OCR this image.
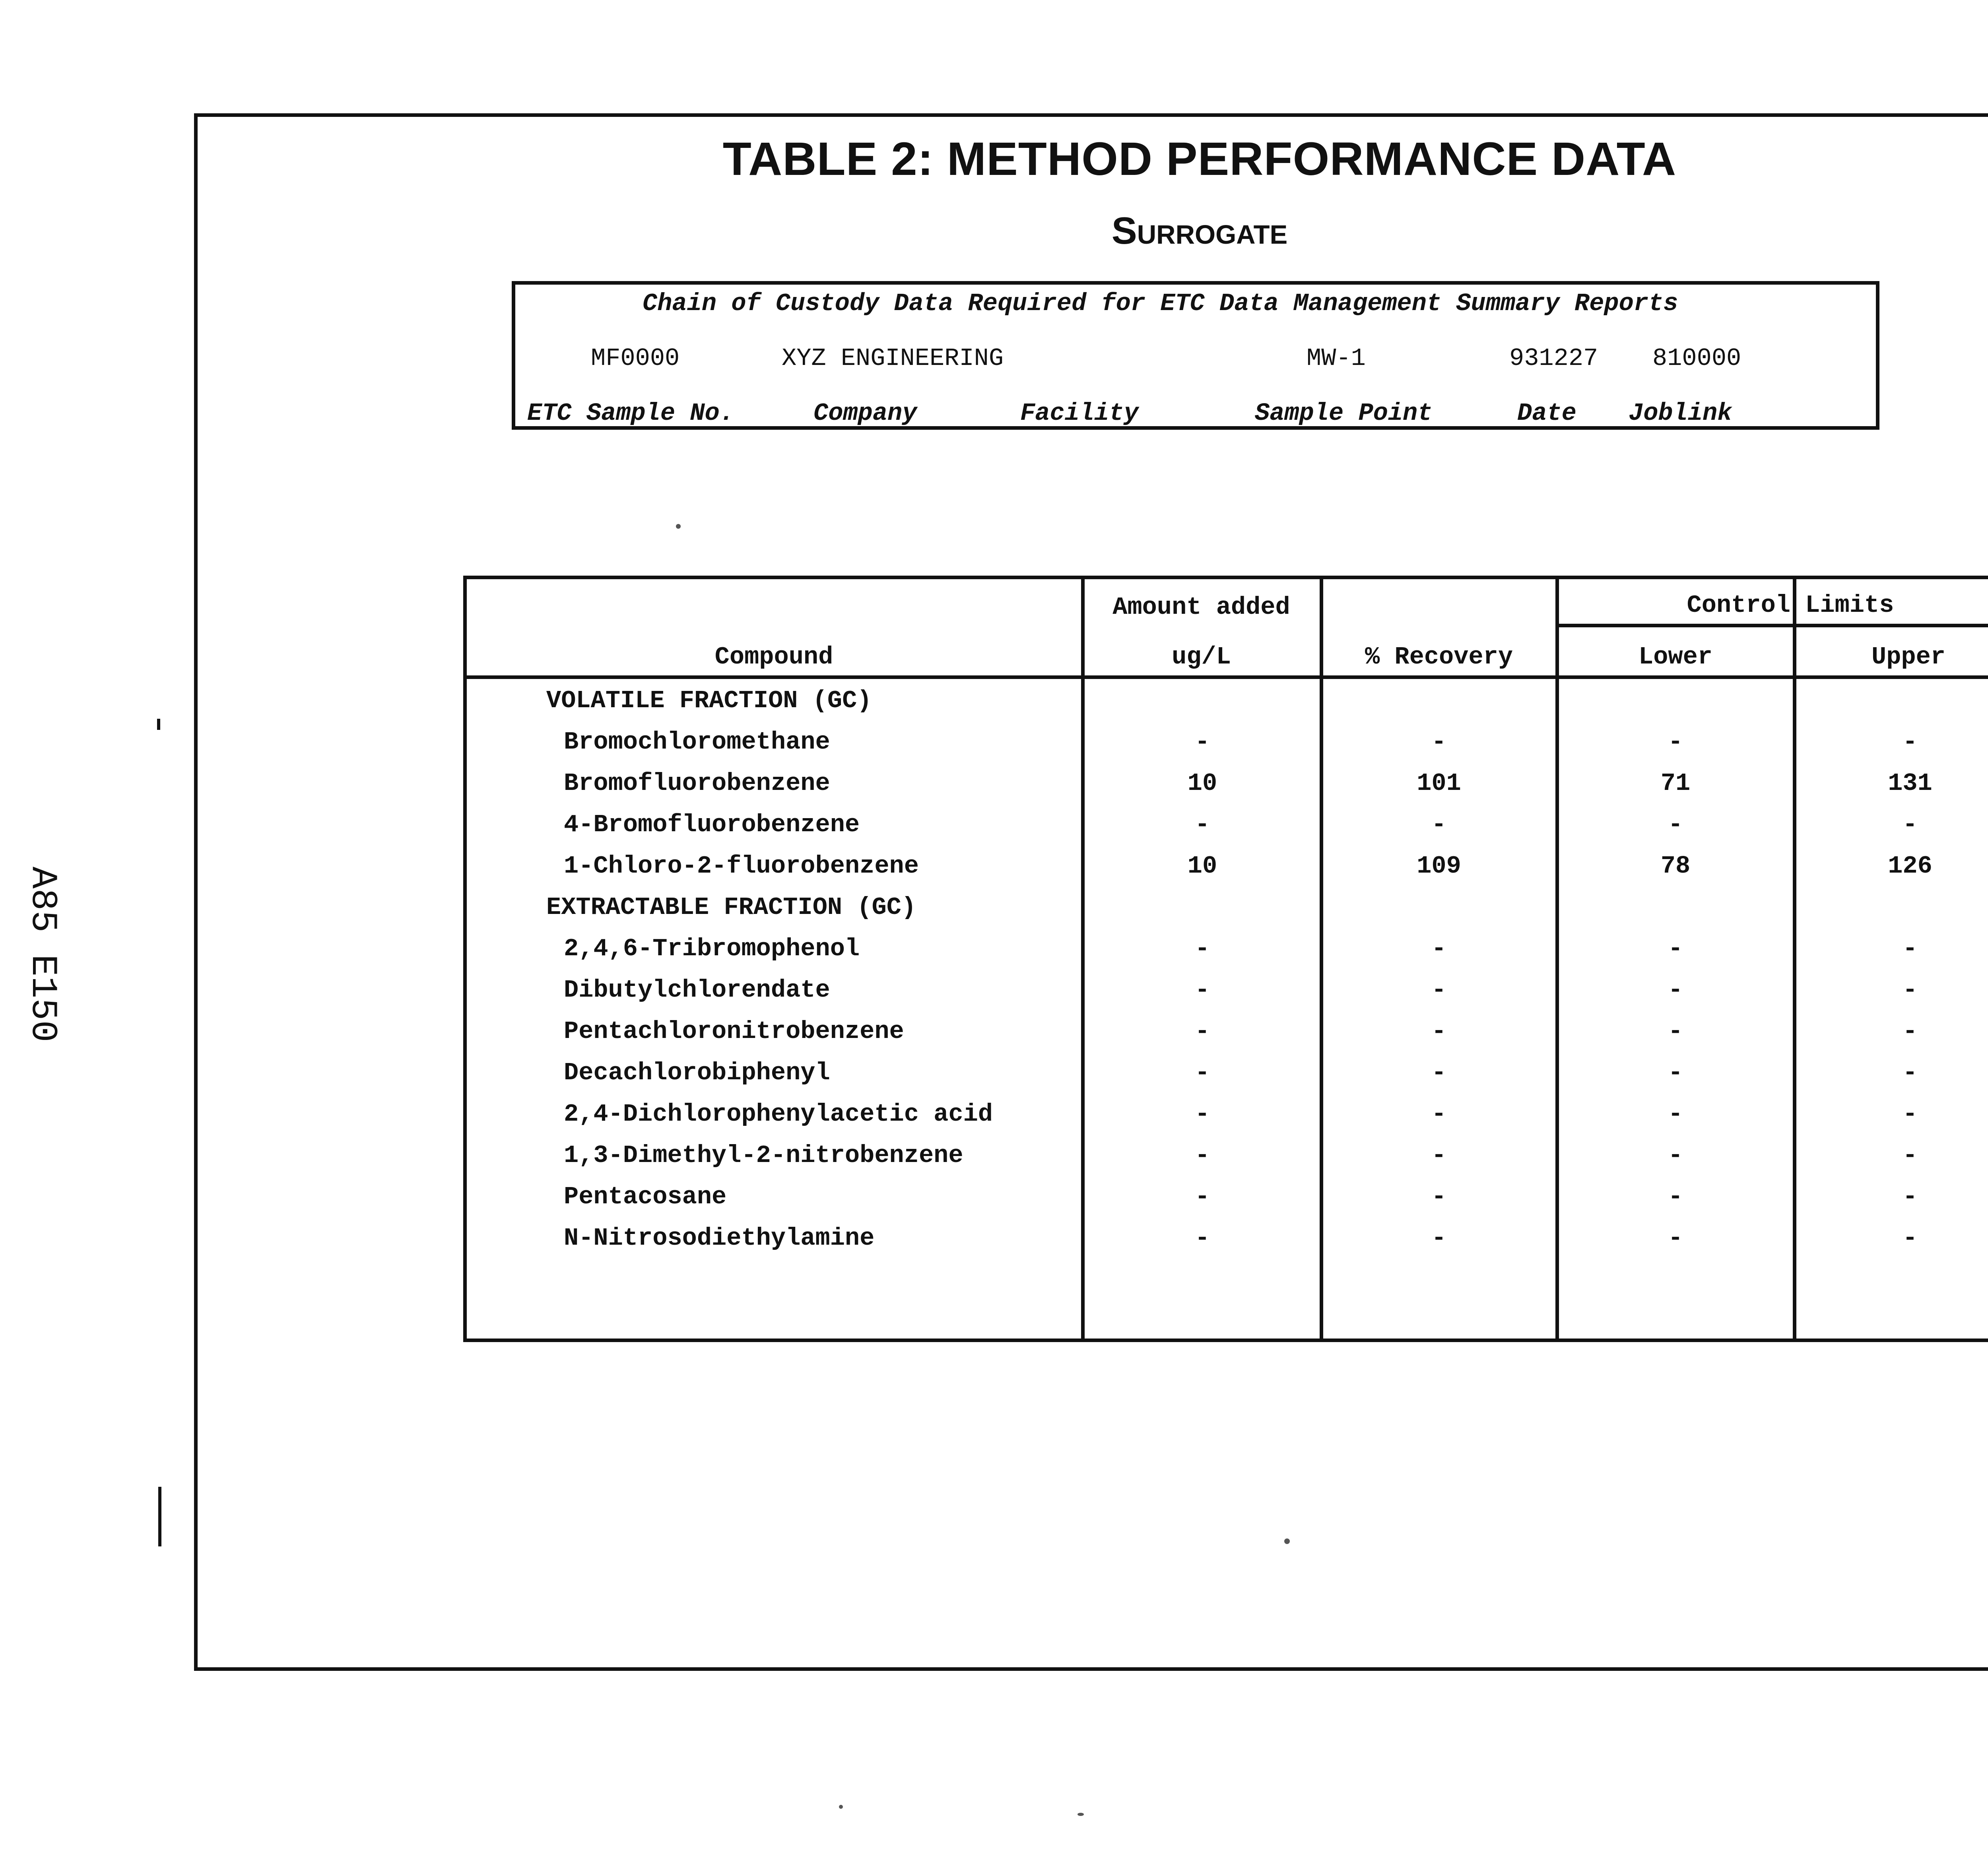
TABLE 2: METHOD PERFORMANCE DATA
Surrogate
Chain of Custody Data Required for ETC Data Management Summary Reports
MF0000	XYZ ENGINEERING	MW-1	931227 810000
ETC Sample No.	Company	Facility	Sample Point	Date Joblink
Compound
Amount added
ug/L	% Recovery
Control Limits
Lower	Upper
VOLATILE FRACTION (GC)
Bromochloromethane	-	-	-	-
Bromofluorobenzene	10	101	71	131
4-Bromofluorobenzene	-	-	-	-
1-Chloro-2-fluorobenzene	10	109	78	126
EXTRACTABLE FRACTION (GC)
2,4,6-Tribromophenol	-	-	-	-
Dibutylchlorendate	-	-	-	-
Pentachloronitrobenzene	-	-	-	-
Decachlorobiphenyl	-	-	-	-
2,4-Dichlorophenylacetic acid	-	-	-	-
1,3-Dimethyl-2-nitrobenzene	-	-	-	-
Pentacosane	-	-	-	-
N-Nitrosodiethylamine	-	-	-	-
A85 E150
